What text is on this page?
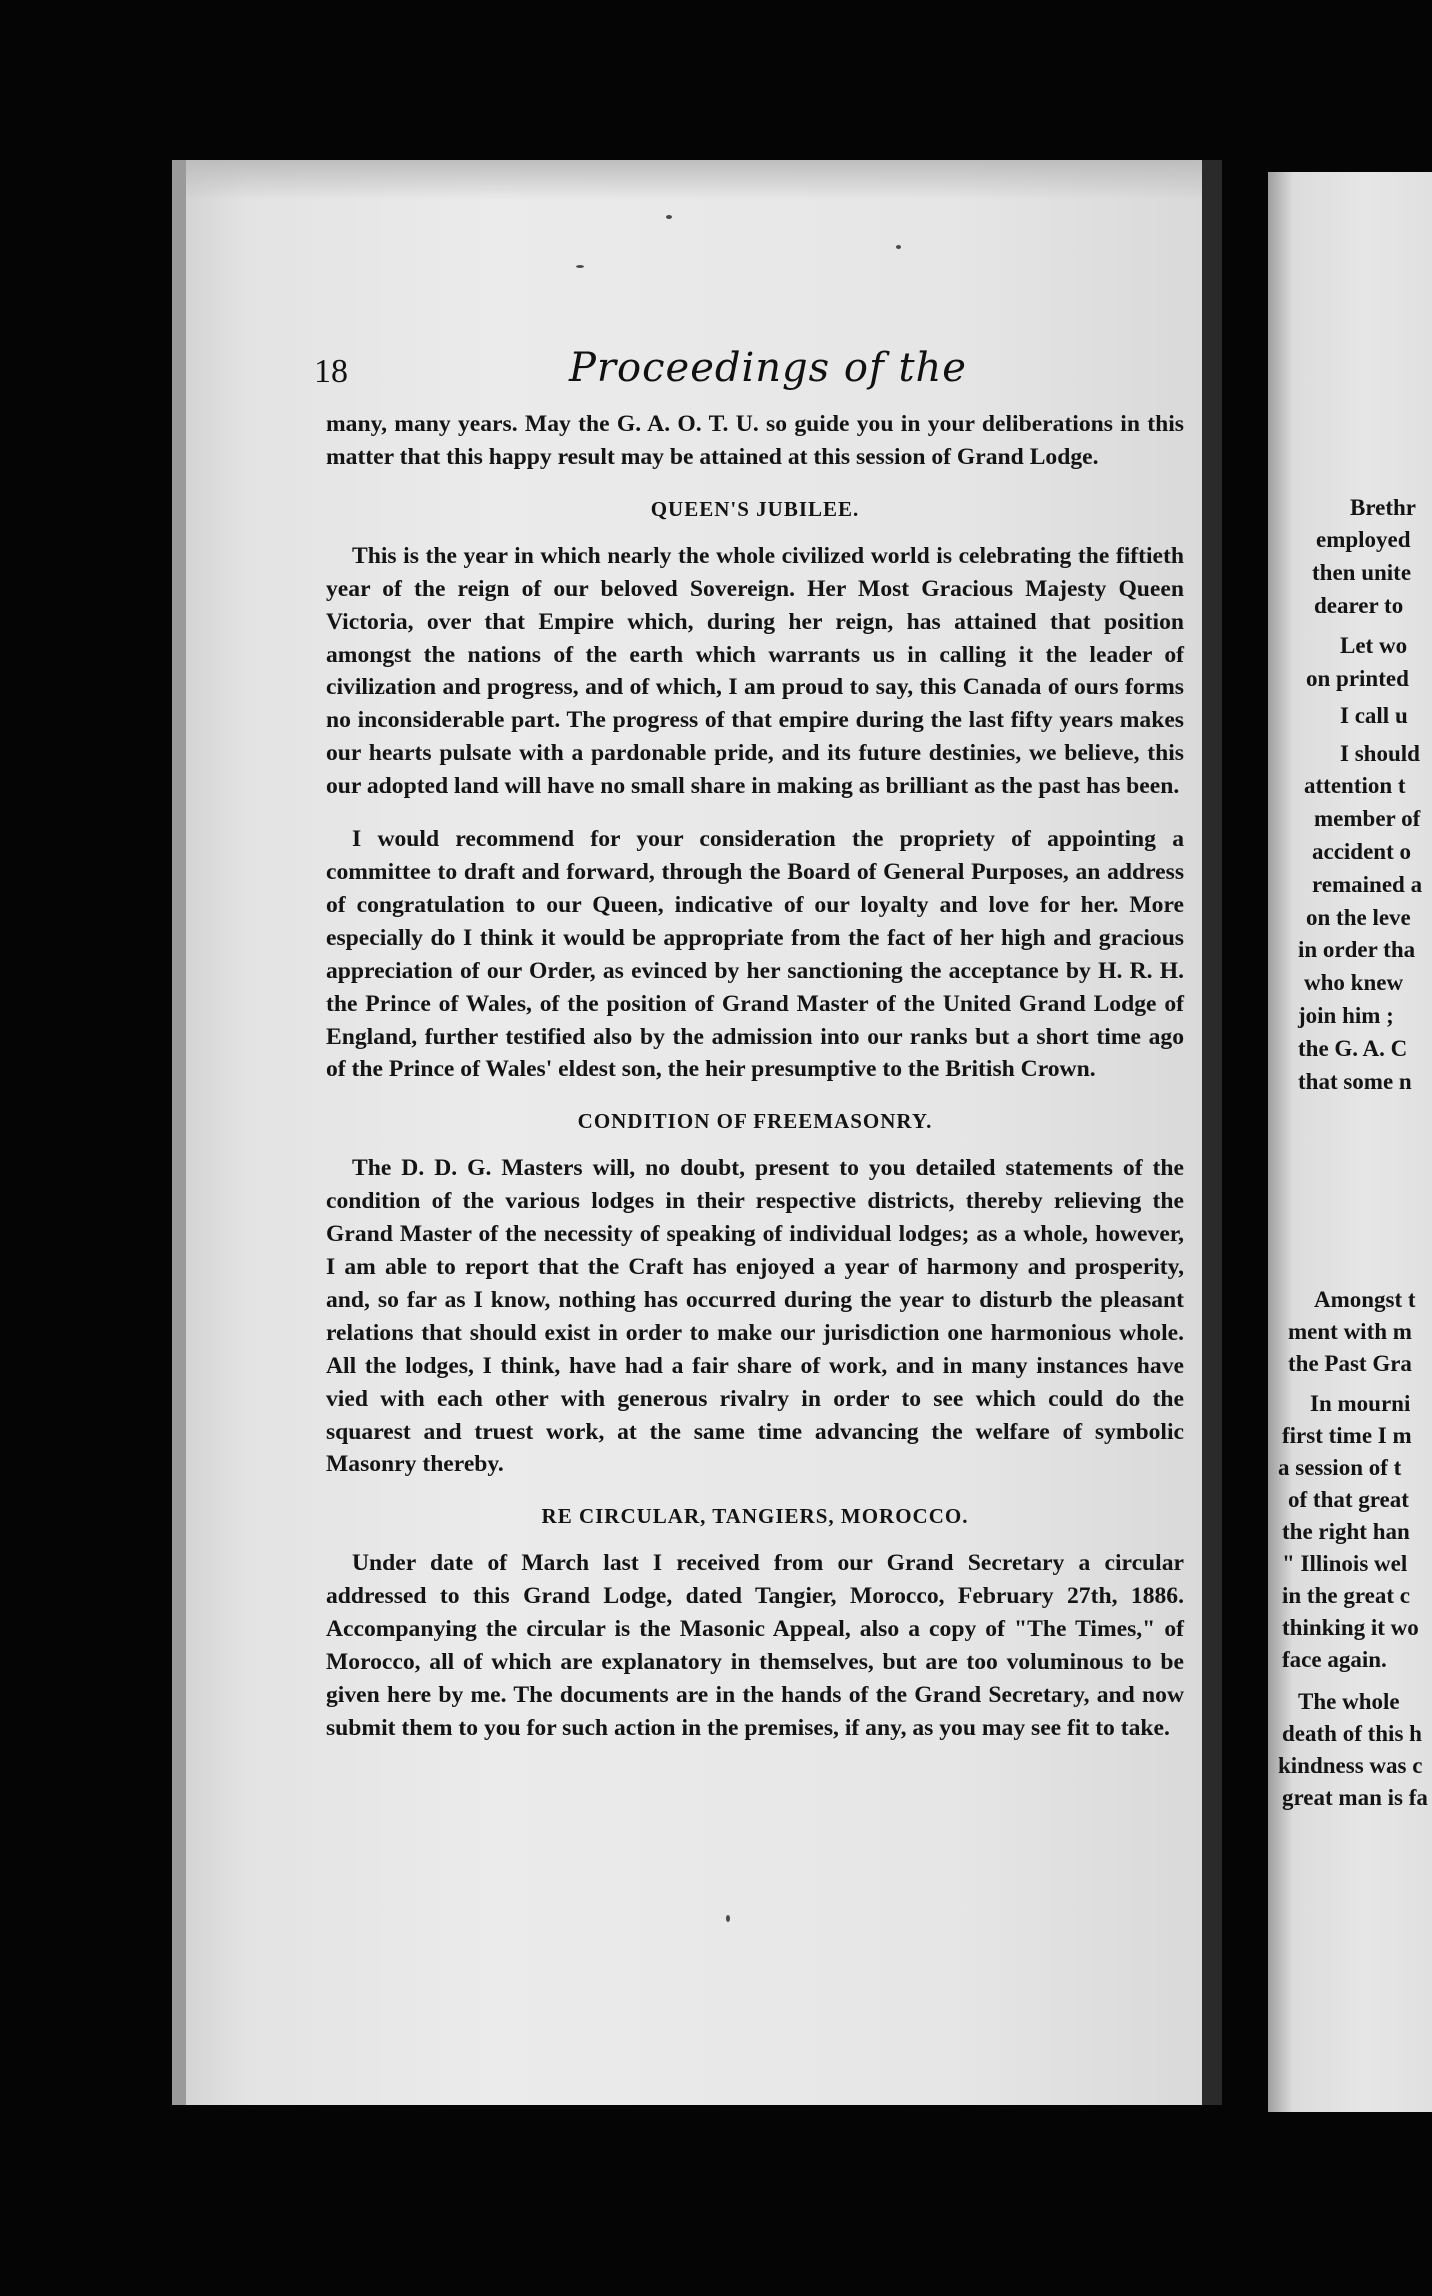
18	Proceedings of the

many, many years. May the G. A. O. T. U. so guide you in your deliberations in this matter that this happy result may be attained at this session of Grand Lodge.

QUEEN'S JUBILEE.

This is the year in which nearly the whole civilized world is celebrating the fiftieth year of the reign of our beloved Sovereign. Her Most Gracious Majesty Queen Victoria, over that Empire which, during her reign, has attained that position amongst the nations of the earth which warrants us in calling it the leader of civilization and progress, and of which, I am proud to say, this Canada of ours forms no inconsiderable part. The progress of that empire during the last fifty years makes our hearts pulsate with a pardonable pride, and its future destinies, we believe, this our adopted land will have no small share in making as brilliant as the past has been.

I would recommend for your consideration the propriety of appointing a committee to draft and forward, through the Board of General Purposes, an address of congratulation to our Queen, indicative of our loyalty and love for her. More especially do I think it would be appropriate from the fact of her high and gracious appreciation of our Order, as evinced by her sanctioning the acceptance by H. R. H. the Prince of Wales, of the position of Grand Master of the United Grand Lodge of England, further testified also by the admission into our ranks but a short time ago of the Prince of Wales' eldest son, the heir presumptive to the British Crown.

CONDITION OF FREEMASONRY.

The D. D. G. Masters will, no doubt, present to you detailed statements of the condition of the various lodges in their respective districts, thereby relieving the Grand Master of the necessity of speaking of individual lodges; as a whole, however, I am able to report that the Craft has enjoyed a year of harmony and prosperity, and, so far as I know, nothing has occurred during the year to disturb the pleasant relations that should exist in order to make our jurisdiction one harmonious whole. All the lodges, I think, have had a fair share of work, and in many instances have vied with each other with generous rivalry in order to see which could do the squarest and truest work, at the same time advancing the welfare of symbolic Masonry thereby.

RE CIRCULAR, TANGIERS, MOROCCO.

Under date of March last I received from our Grand Secretary a circular addressed to this Grand Lodge, dated Tangier, Morocco, February 27th, 1886. Accompanying the circular is the Masonic Appeal, also a copy of "The Times," of Morocco, all of which are explanatory in themselves, but are too voluminous to be given here by me. The documents are in the hands of the Grand Secretary, and now submit them to you for such action in the premises, if any, as you may see fit to take.

Brethr
employed
then unite
dearer to
Let wo
on printed
I call u
I should
attention t
member of
accident o
remained a
on the leve
in order tha
who knew
join him ;
the G. A. C
that some n
Amongst t
ment with m
the Past Gra
In mourni
first time I m
a session of t
of that great
the right han
" Illinois wel
in the great c
thinking it wo
face again.
The whole
death of this h
kindness was c
great man is fa
